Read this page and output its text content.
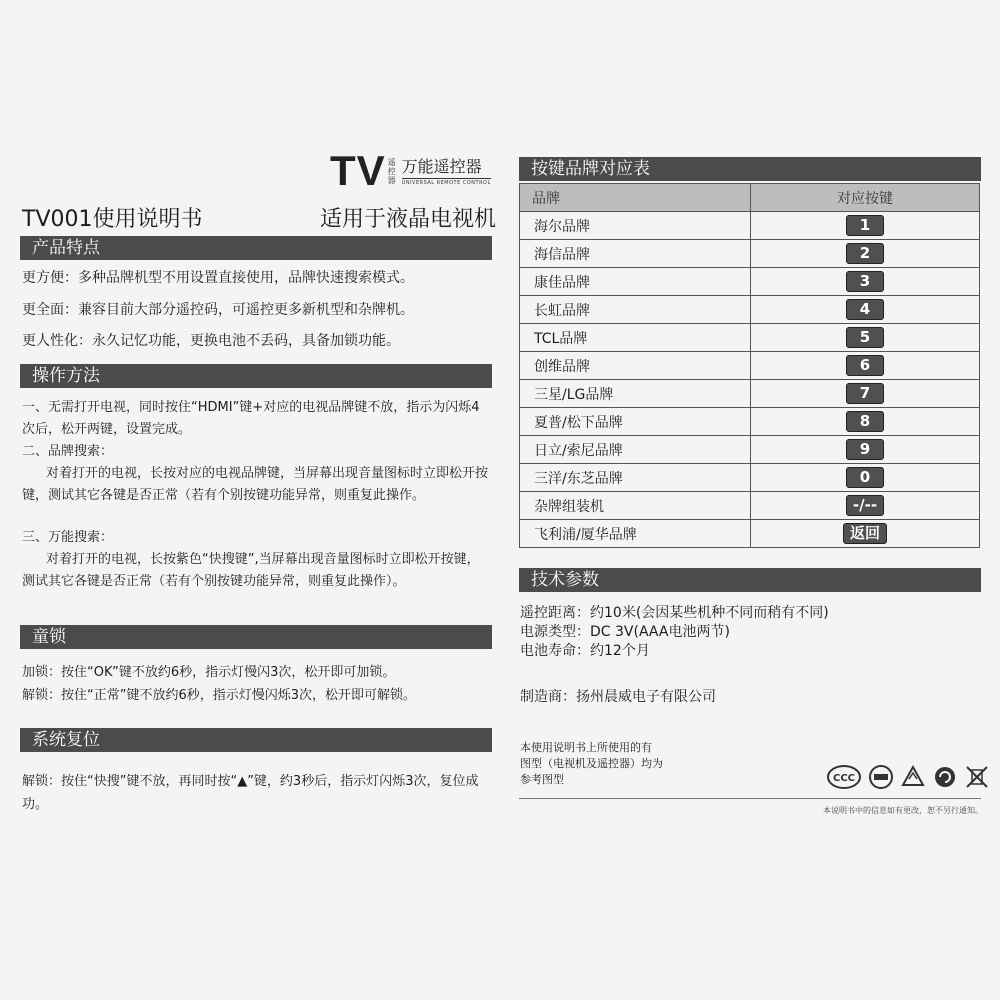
TV 遥控器
万能遥控器
UNIVERSAL REMOTE CONTROL
TV001使用说明书	适用于液晶电视机
产品特点
更方便：多种品牌机型不用设置直接使用，品牌快速搜索模式。
更全面：兼容目前大部分遥控码，可遥控更多新机型和杂牌机。
更人性化：永久记忆功能，更换电池不丢码，具备加锁功能。
操作方法
一、无需打开电视，同时按住“HDMI”键+对应的电视品牌键不放，指示为闪烁4次后，松开两键，设置完成。
二、品牌搜索：
对着打开的电视，长按对应的电视品牌键，当屏幕出现音量图标时立即松开按键，测试其它各键是否正常（若有个别按键功能异常，则重复此操作。
三、万能搜索：
对着打开的电视，长按紫色“快搜键”,当屏幕出现音量图标时立即松开按键，测试其它各键是否正常（若有个别按键功能异常，则重复此操作）。
童锁
加锁：按住“OK”键不放约6秒，指示灯慢闪3次，松开即可加锁。
解锁：按住“正常”键不放约6秒，指示灯慢闪烁3次，松开即可解锁。
系统复位
解锁：按住“快搜”键不放，再同时按“▲”键，约3秒后，指示灯闪烁3次，复位成功。
按键品牌对应表
品牌	对应按键
海尔品牌	1
海信品牌	2
康佳品牌	3
长虹品牌	4
TCL品牌	5
创维品牌	6
三星/LG品牌	7
夏普/松下品牌	8
日立/索尼品牌	9
三洋/东芝品牌	0
杂牌组装机	-/--
飞利浦/厦华品牌	返回
技术参数
遥控距离：约10米(会因某些机种不同而稍有不同)
电源类型：DC 3V(AAA电池两节)
电池寿命：约12个月
制造商：扬州晨威电子有限公司
本使用说明书上所使用的有
图型（电视机及遥控器）均为
参考图型	CCC
本说明书中的信息如有更改，恕不另行通知。
